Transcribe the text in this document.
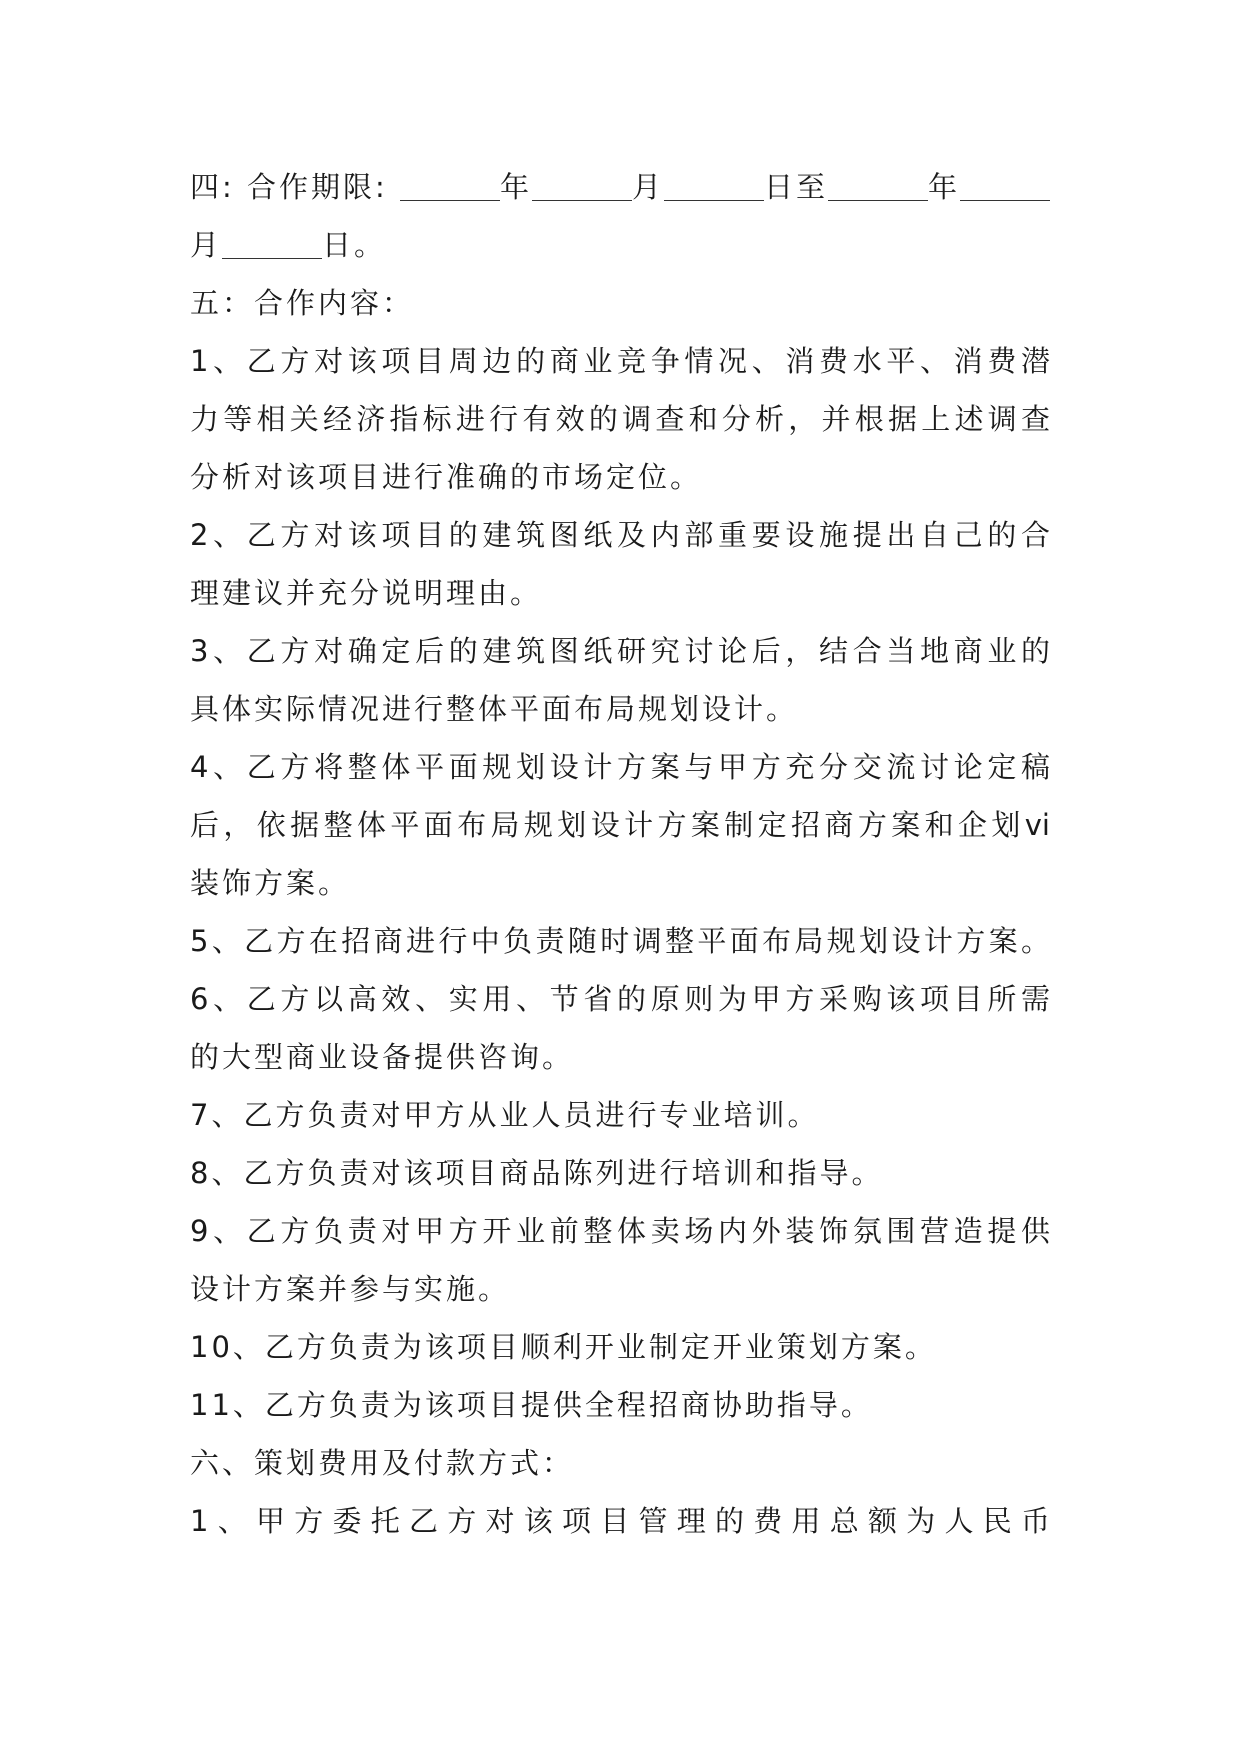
四: 合作期限:	年	月	日至	年
月	日。
五：合作内容：
1、乙方对该项目周边的商业竞争情况、消费水平、消费潜
力等相关经济指标进行有效的调查和分析，并根据上述调查
分析对该项目进行准确的市场定位。
2、乙方对该项目的建筑图纸及内部重要设施提出自己的合
理建议并充分说明理由。
3、乙方对确定后的建筑图纸研究讨论后，结合当地商业的
具体实际情况进行整体平面布局规划设计。
4、乙方将整体平面规划设计方案与甲方充分交流讨论定稿
后，依据整体平面布局规划设计方案制定招商方案和企划vi
装饰方案。
5、乙方在招商进行中负责随时调整平面布局规划设计方案。
6、乙方以高效、实用、节省的原则为甲方采购该项目所需
的大型商业设备提供咨询。
7、乙方负责对甲方从业人员进行专业培训。
8、乙方负责对该项目商品陈列进行培训和指导。
9、乙方负责对甲方开业前整体卖场内外装饰氛围营造提供
设计方案并参与实施。
10、乙方负责为该项目顺利开业制定开业策划方案。
11、乙方负责为该项目提供全程招商协助指导。
六、策划费用及付款方式：
1、甲方委托乙方对该项目管理的费用总额为人民币
